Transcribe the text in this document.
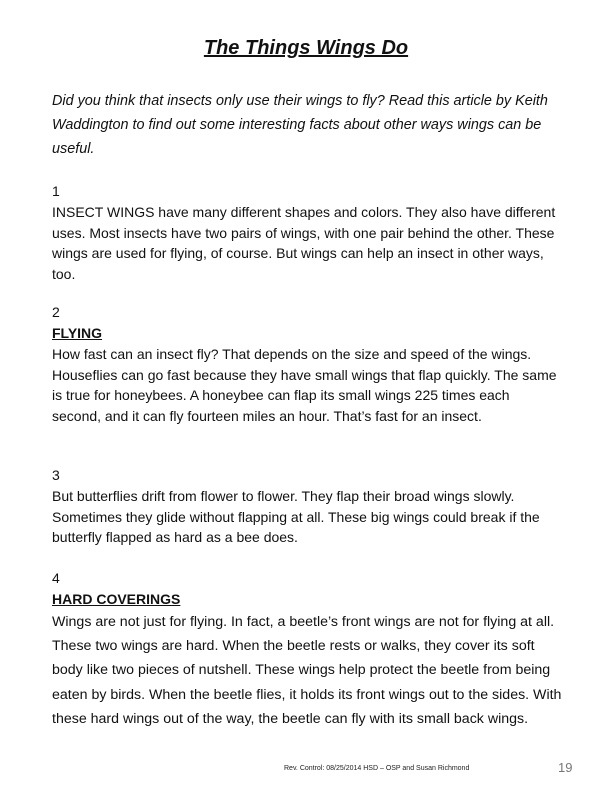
The Things Wings Do

Did you think that insects only use their wings to fly? Read this article by Keith Waddington to find out some interesting facts about other ways wings can be useful.

1
INSECT WINGS have many different shapes and colors. They also have different uses. Most insects have two pairs of wings, with one pair behind the other. These wings are used for flying, of course. But wings can help an insect in other ways, too.
2
FLYING
How fast can an insect fly? That depends on the size and speed of the wings. Houseflies can go fast because they have small wings that flap quickly. The same is true for honeybees. A honeybee can flap its small wings 225 times each second, and it can fly fourteen miles an hour. That’s fast for an insect.
3
But butterflies drift from flower to flower. They flap their broad wings slowly. Sometimes they glide without flapping at all. These big wings could break if the butterfly flapped as hard as a bee does.
4
HARD COVERINGS
Wings are not just for flying. In fact, a beetle’s front wings are not for flying at all. These two wings are hard. When the beetle rests or walks, they cover its soft body like two pieces of nutshell. These wings help protect the beetle from being eaten by birds. When the beetle flies, it holds its front wings out to the sides. With these hard wings out of the way, the beetle can fly with its small back wings.

Rev. Control: 08/25/2014 HSD – OSP and Susan Richmond	19
